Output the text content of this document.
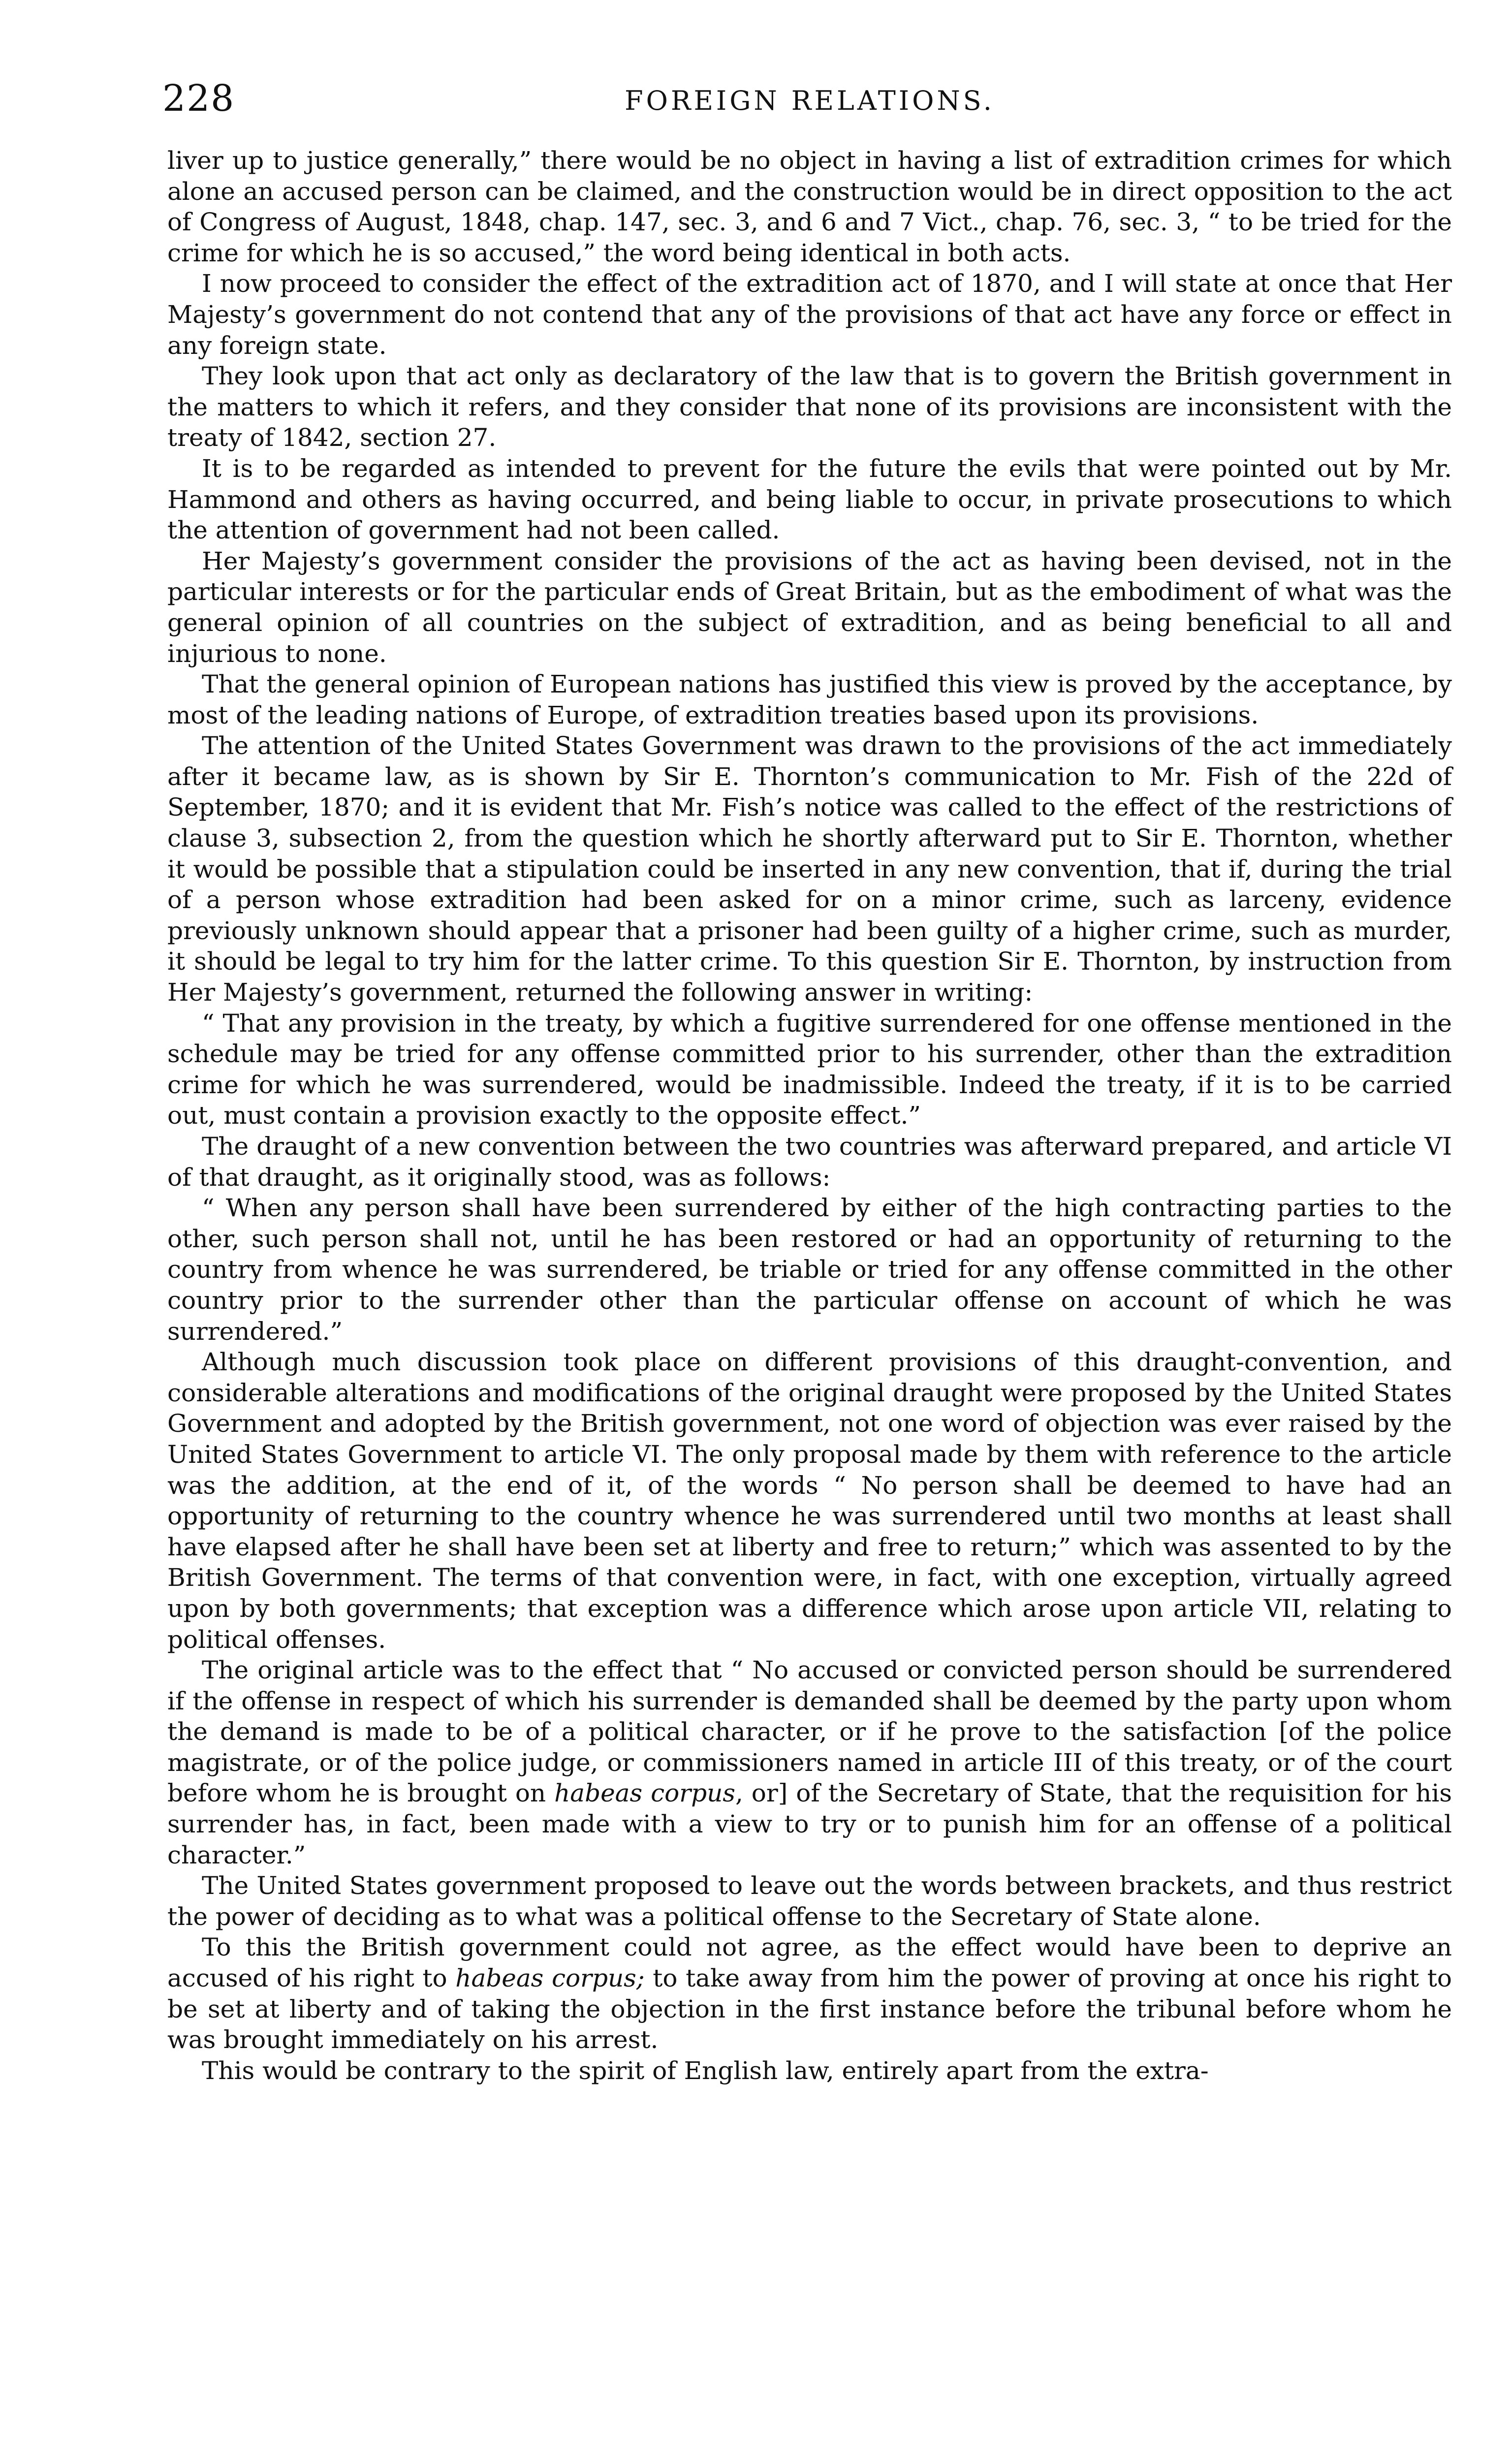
228	FOREIGN RELATIONS.

liver up to justice generally,” there would be no object in having a list of extradition crimes for which alone an accused person can be claimed, and the construction would be in direct opposition to the act of Congress of August, 1848, chap. 147, sec. 3, and 6 and 7 Vict., chap. 76, sec. 3, “ to be tried for the crime for which he is so accused,” the word being identical in both acts.

I now proceed to consider the effect of the extradition act of 1870, and I will state at once that Her Majesty’s government do not contend that any of the provisions of that act have any force or effect in any foreign state.

They look upon that act only as declaratory of the law that is to govern the British government in the matters to which it refers, and they consider that none of its provisions are inconsistent with the treaty of 1842, section 27.

It is to be regarded as intended to prevent for the future the evils that were pointed out by Mr. Hammond and others as having occurred, and being liable to occur, in private prosecutions to which the attention of government had not been called.

Her Majesty’s government consider the provisions of the act as having been devised, not in the particular interests or for the particular ends of Great Britain, but as the embodiment of what was the general opinion of all countries on the subject of extradition, and as being beneficial to all and injurious to none.

That the general opinion of European nations has justified this view is proved by the acceptance, by most of the leading nations of Europe, of extradition treaties based upon its provisions.

The attention of the United States Government was drawn to the provisions of the act immediately after it became law, as is shown by Sir E. Thornton’s communication to Mr. Fish of the 22d of September, 1870; and it is evident that Mr. Fish’s notice was called to the effect of the restrictions of clause 3, subsection 2, from the question which he shortly afterward put to Sir E. Thornton, whether it would be possible that a stipulation could be inserted in any new convention, that if, during the trial of a person whose extradition had been asked for on a minor crime, such as larceny, evidence previously unknown should appear that a prisoner had been guilty of a higher crime, such as murder, it should be legal to try him for the latter crime. To this question Sir E. Thornton, by instruction from Her Majesty’s government, returned the following answer in writing:

“ That any provision in the treaty, by which a fugitive surrendered for one offense mentioned in the schedule may be tried for any offense committed prior to his surrender, other than the extradition crime for which he was surrendered, would be inadmissible. Indeed the treaty, if it is to be carried out, must contain a provision exactly to the opposite effect.”

The draught of a new convention between the two countries was afterward prepared, and article VI of that draught, as it originally stood, was as follows:

“ When any person shall have been surrendered by either of the high contracting parties to the other, such person shall not, until he has been restored or had an opportunity of returning to the country from whence he was surrendered, be triable or tried for any offense committed in the other country prior to the surrender other than the particular offense on account of which he was surrendered.”

Although much discussion took place on different provisions of this draught-convention, and considerable alterations and modifications of the original draught were proposed by the United States Government and adopted by the British government, not one word of objection was ever raised by the United States Government to article VI. The only proposal made by them with reference to the article was the addition, at the end of it, of the words “ No person shall be deemed to have had an opportunity of returning to the country whence he was surrendered until two months at least shall have elapsed after he shall have been set at liberty and free to return;” which was assented to by the British Government. The terms of that convention were, in fact, with one exception, virtually agreed upon by both governments; that exception was a difference which arose upon article VII, relating to political offenses.

The original article was to the effect that “ No accused or convicted person should be surrendered if the offense in respect of which his surrender is demanded shall be deemed by the party upon whom the demand is made to be of a political character, or if he prove to the satisfaction [of the police magistrate, or of the police judge, or commissioners named in article III of this treaty, or of the court before whom he is brought on habeas corpus, or] of the Secretary of State, that the requisition for his surrender has, in fact, been made with a view to try or to punish him for an offense of a political character.”

The United States government proposed to leave out the words between brackets, and thus restrict the power of deciding as to what was a political offense to the Secretary of State alone.

To this the British government could not agree, as the effect would have been to deprive an accused of his right to habeas corpus; to take away from him the power of proving at once his right to be set at liberty and of taking the objection in the first instance before the tribunal before whom he was brought immediately on his arrest.

This would be contrary to the spirit of English law, entirely apart from the extra-
